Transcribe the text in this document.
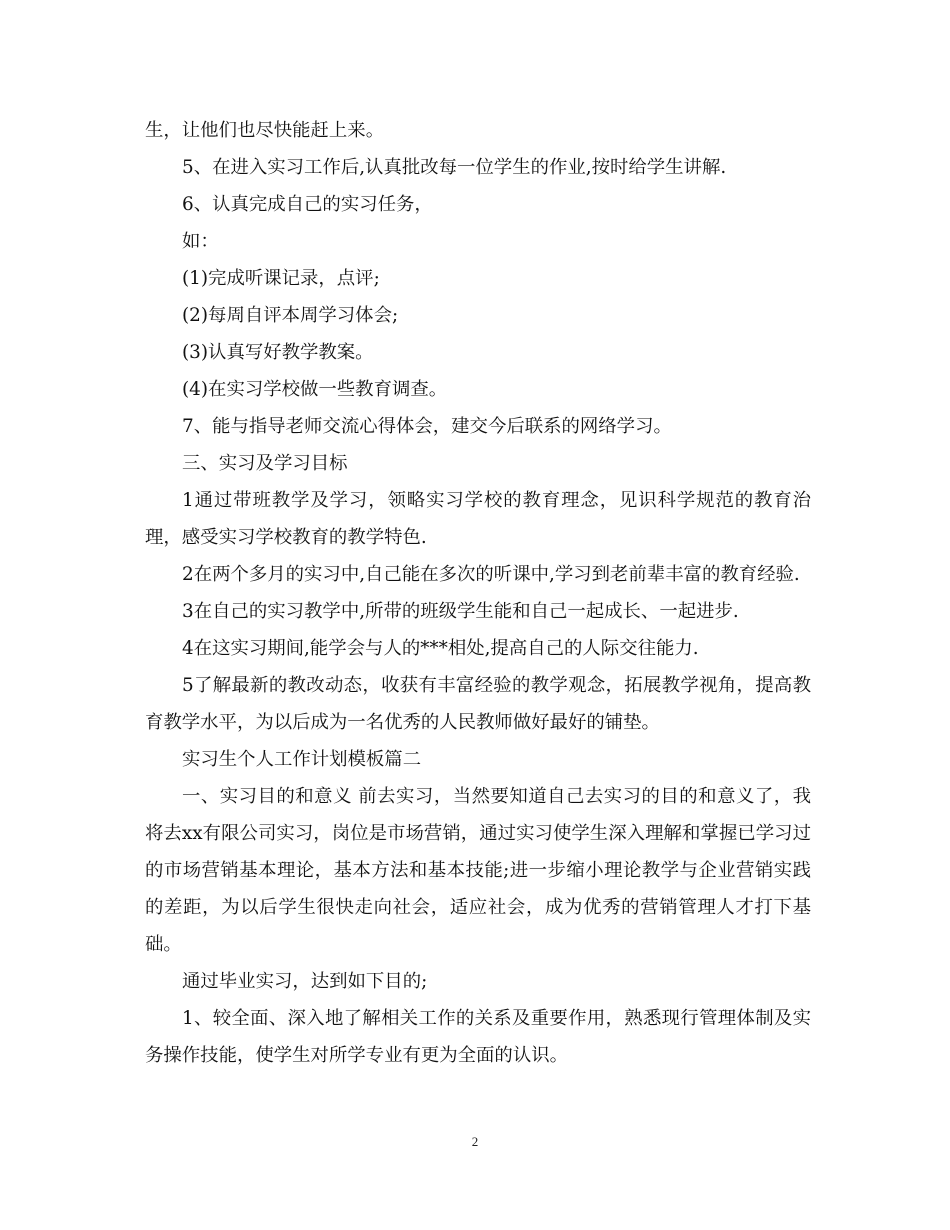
生，让他们也尽快能赶上来。

5、在进入实习工作后,认真批改每一位学生的作业,按时给学生讲解.

6、认真完成自己的实习任务，

如：

(1)完成听课记录，点评;

(2)每周自评本周学习体会;

(3)认真写好教学教案。

(4)在实习学校做一些教育调查。

7、能与指导老师交流心得体会，建交今后联系的网络学习。

三、实习及学习目标

1通过带班教学及学习，领略实习学校的教育理念，见识科学规范的教育治理，感受实习学校教育的教学特色.

2在两个多月的实习中,自己能在多次的听课中,学习到老前辈丰富的教育经验.

3在自己的实习教学中,所带的班级学生能和自己一起成长、一起进步.

4在这实习期间,能学会与人的***相处,提高自己的人际交往能力.

5了解最新的教改动态，收获有丰富经验的教学观念，拓展教学视角，提高教育教学水平，为以后成为一名优秀的人民教师做好最好的铺垫。

实习生个人工作计划模板篇二

一、实习目的和意义 前去实习，当然要知道自己去实习的目的和意义了，我将去xx有限公司实习，岗位是市场营销，通过实习使学生深入理解和掌握已学习过的市场营销基本理论，基本方法和基本技能;进一步缩小理论教学与企业营销实践的差距，为以后学生很快走向社会，适应社会，成为优秀的营销管理人才打下基础。

通过毕业实习，达到如下目的;

1、较全面、深入地了解相关工作的关系及重要作用，熟悉现行管理体制及实务操作技能，使学生对所学专业有更为全面的认识。

2
